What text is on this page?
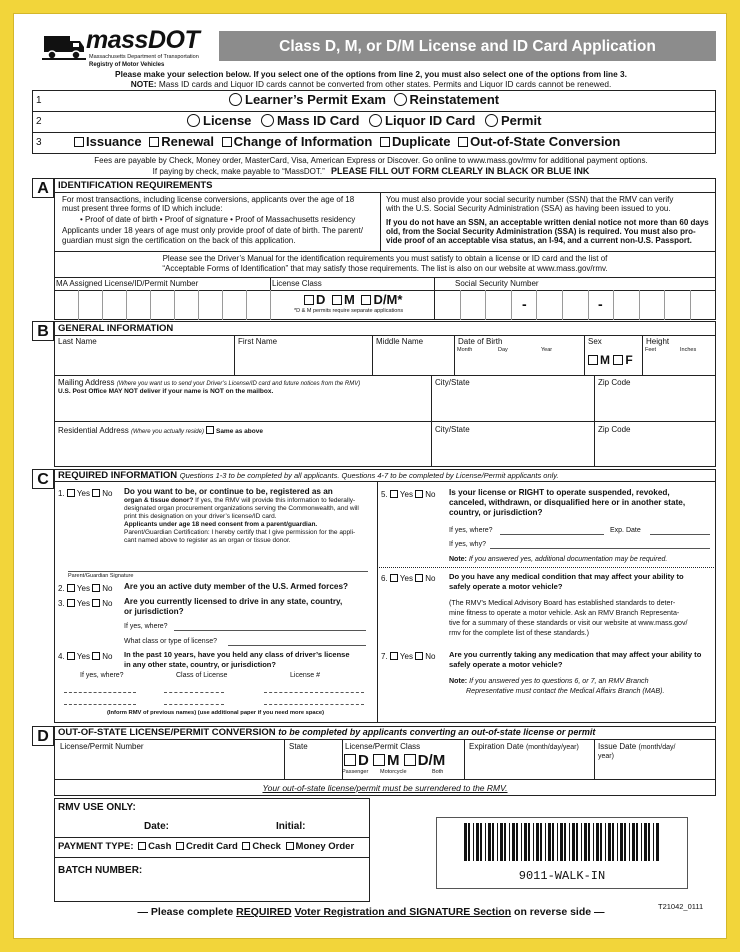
massDOT
Massachusetts Department of Transportation
Registry of Motor Vehicles
Class D, M, or D/M License and ID Card Application
Please make your selection below. If you select one of the options from line 2, you must also select one of the options from line 3.
NOTE: Mass ID cards and Liquor ID cards cannot be converted from other states. Permits and Liquor ID cards cannot be renewed.
1
2
3
Learner’s Permit Exam Reinstatement
License Mass ID Card Liquor ID Card Permit
Issuance Renewal Change of Information Duplicate Out-of-State Conversion
Fees are payable by Check, Money order, MasterCard, Visa, American Express or Discover. Go online to www.mass.gov/rmv for additional payment options.
If paying by check, make payable to “MassDOT.” PLEASE FILL OUT FORM CLEARLY IN BLACK OR BLUE INK
A IDENTIFICATION REQUIREMENTS
For most transactions, including license conversions, applicants over the age of 18
must present three forms of ID which include:
• Proof of date of birth • Proof of signature • Proof of Massachusetts residency
Applicants under 18 years of age must only provide proof of date of birth. The parent/
guardian must sign the certification on the back of this application.
You must also provide your social security number (SSN) that the RMV can verify
with the U.S. Social Security Administration (SSA) as having been issued to you.
If you do not have an SSN, an acceptable written denial notice not more than 60 days
old, from the Social Security Administration (SSA) is required. You must also pro-
vide proof of an acceptable visa status, an I-94, and a current non-U.S. Passport.
Please see the Driver’s Manual for the identification requirements you must satisfy to obtain a license or ID card and the list of
“Acceptable Forms of Identification” that may satisfy those requirements. The list is also on our website at www.mass.gov/rmv.
MA Assigned License/ID/Permit Number	License Class	Social Security Number
D M D/M*
*D & M permits require separate applications	-	-
B GENERAL INFORMATION
Last Name	First Name	Middle Name	Date of Birth
Month	Day	Year
Sex
M F
Height
Feet	Inches
Mailing Address (Where you want us to send your Driver’s License/ID card and future notices from the RMV)
U.S. Post Office MAY NOT deliver if your name is NOT on the mailbox.
City/State	Zip Code
Residential Address (Where you actually reside) Same as above	City/State	Zip Code
C REQUIRED INFORMATION Questions 1-3 to be completed by all applicants. Questions 4-7 to be completed by License/Permit applicants only.
1. Yes No Do you want to be, or continue to be, registered as an
organ & tissue donor? If yes, the RMV will provide this information to federally-
designated organ procurement organizations serving the Commonwealth, and will
print this designation on your driver’s license/ID card.
Applicants under age 18 need consent from a parent/guardian.
Parent/Guardian Certification: I hereby certify that I give permission for the appli-
cant named above to register as an organ or tissue donor.
Parent/Guardian Signature
2. Yes No Are you an active duty member of the U.S. Armed forces?
3. Yes No Are you currently licensed to drive in any state, country,
or jurisdiction?
If yes, where?
What class or type of license?
4. Yes No In the past 10 years, have you held any class of driver’s license
in any other state, country, or jurisdiction?
If yes, where?	Class of License	License #
(Inform RMV of previous names) (use additional paper if you need more space)
5. Yes No Is your license or RIGHT to operate suspended, revoked,
canceled, withdrawn, or disqualified here or in another state,
country, or jurisdiction?
If yes, where?	Exp. Date
If yes, why?
Note: If you answered yes, additional documentation may be required.
6. Yes No Do you have any medical condition that may affect your ability to
safely operate a motor vehicle?
(The RMV’s Medical Advisory Board has established standards to deter-
mine fitness to operate a motor vehicle. Ask an RMV Branch Representa-
tive for a summary of these standards or visit our website at www.mass.gov/
rmv for the complete list of these standards.)
7. Yes No Are you currently taking any medication that may affect your ability to
safely operate a motor vehicle?
Note: If you answered yes to questions 6, or 7, an RMV Branch
Representative must contact the Medical Affairs Branch (MAB).
D OUT-OF-STATE LICENSE/PERMIT CONVERSION to be completed by applicants converting an out-of-state license or permit
License/Permit Number	State	License/Permit Class
D M D/M
Passenger Motorcycle	Both
Expiration Date (month/day/year) Issue Date (month/day/
year)
Your out-of-state license/permit must be surrendered to the RMV.
RMV USE ONLY:
Date:	Initial:
PAYMENT TYPE: Cash Credit Card Check Money Order
BATCH NUMBER:	9011-WALK-IN
— Please complete REQUIRED Voter Registration and SIGNATURE Section on reverse side —	T21042_0111
